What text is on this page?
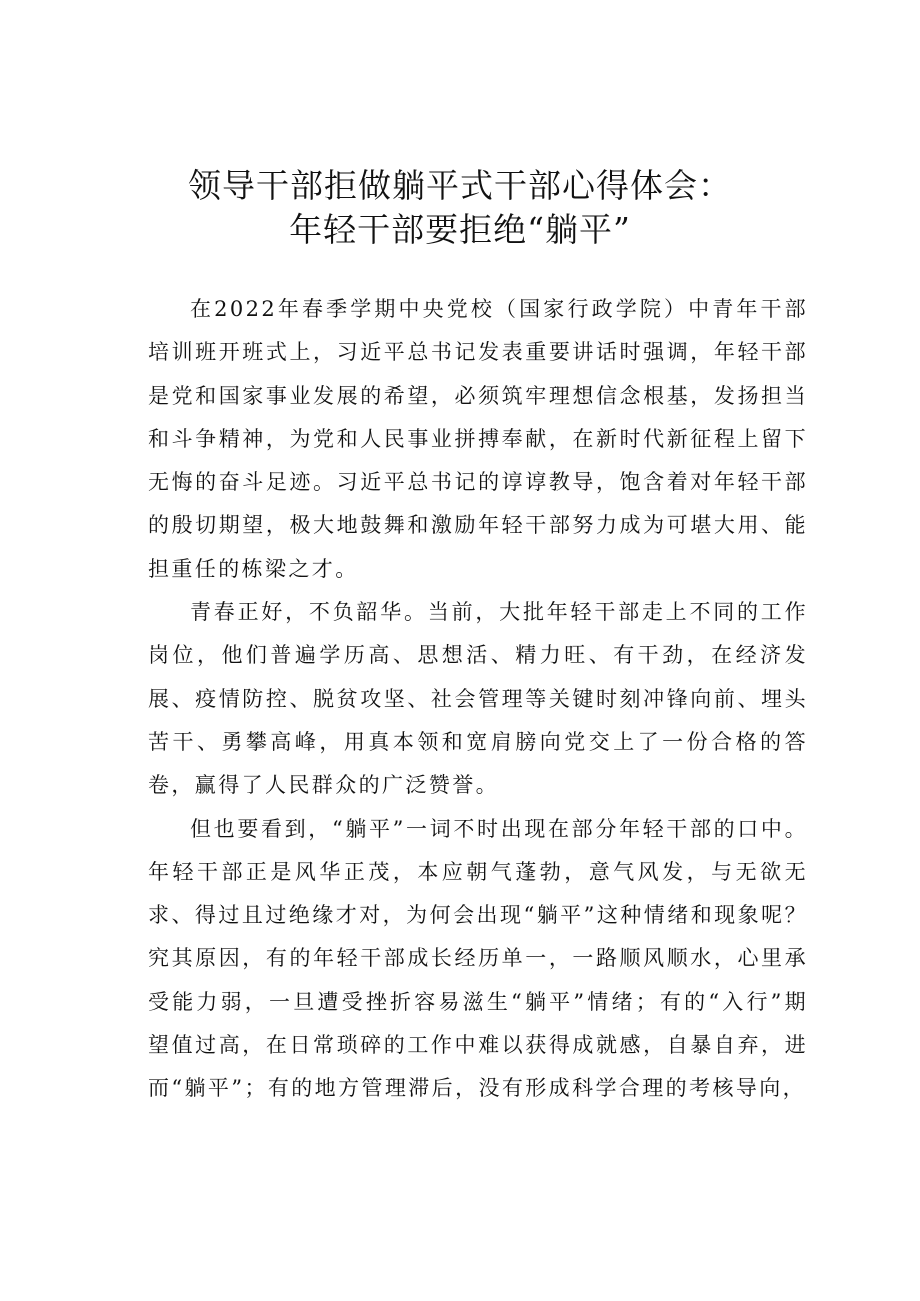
领导干部拒做躺平式干部心得体会：
年轻干部要拒绝“躺平”

在2022年春季学期中央党校（国家行政学院）中青年干部培训班开班式上，习近平总书记发表重要讲话时强调，年轻干部是党和国家事业发展的希望，必须筑牢理想信念根基，发扬担当和斗争精神，为党和人民事业拼搏奉献，在新时代新征程上留下无悔的奋斗足迹。习近平总书记的谆谆教导，饱含着对年轻干部的殷切期望，极大地鼓舞和激励年轻干部努力成为可堪大用、能担重任的栋梁之才。

青春正好，不负韶华。当前，大批年轻干部走上不同的工作岗位，他们普遍学历高、思想活、精力旺、有干劲，在经济发展、疫情防控、脱贫攻坚、社会管理等关键时刻冲锋向前、埋头苦干、勇攀高峰，用真本领和宽肩膀向党交上了一份合格的答卷，赢得了人民群众的广泛赞誉。

但也要看到，“躺平”一词不时出现在部分年轻干部的口中。年轻干部正是风华正茂，本应朝气蓬勃，意气风发，与无欲无求、得过且过绝缘才对，为何会出现“躺平”这种情绪和现象呢？究其原因，有的年轻干部成长经历单一，一路顺风顺水，心里承受能力弱，一旦遭受挫折容易滋生“躺平”情绪；有的“入行”期望值过高，在日常琐碎的工作中难以获得成就感，自暴自弃，进而“躺平”；有的地方管理滞后，没有形成科学合理的考核导向，
